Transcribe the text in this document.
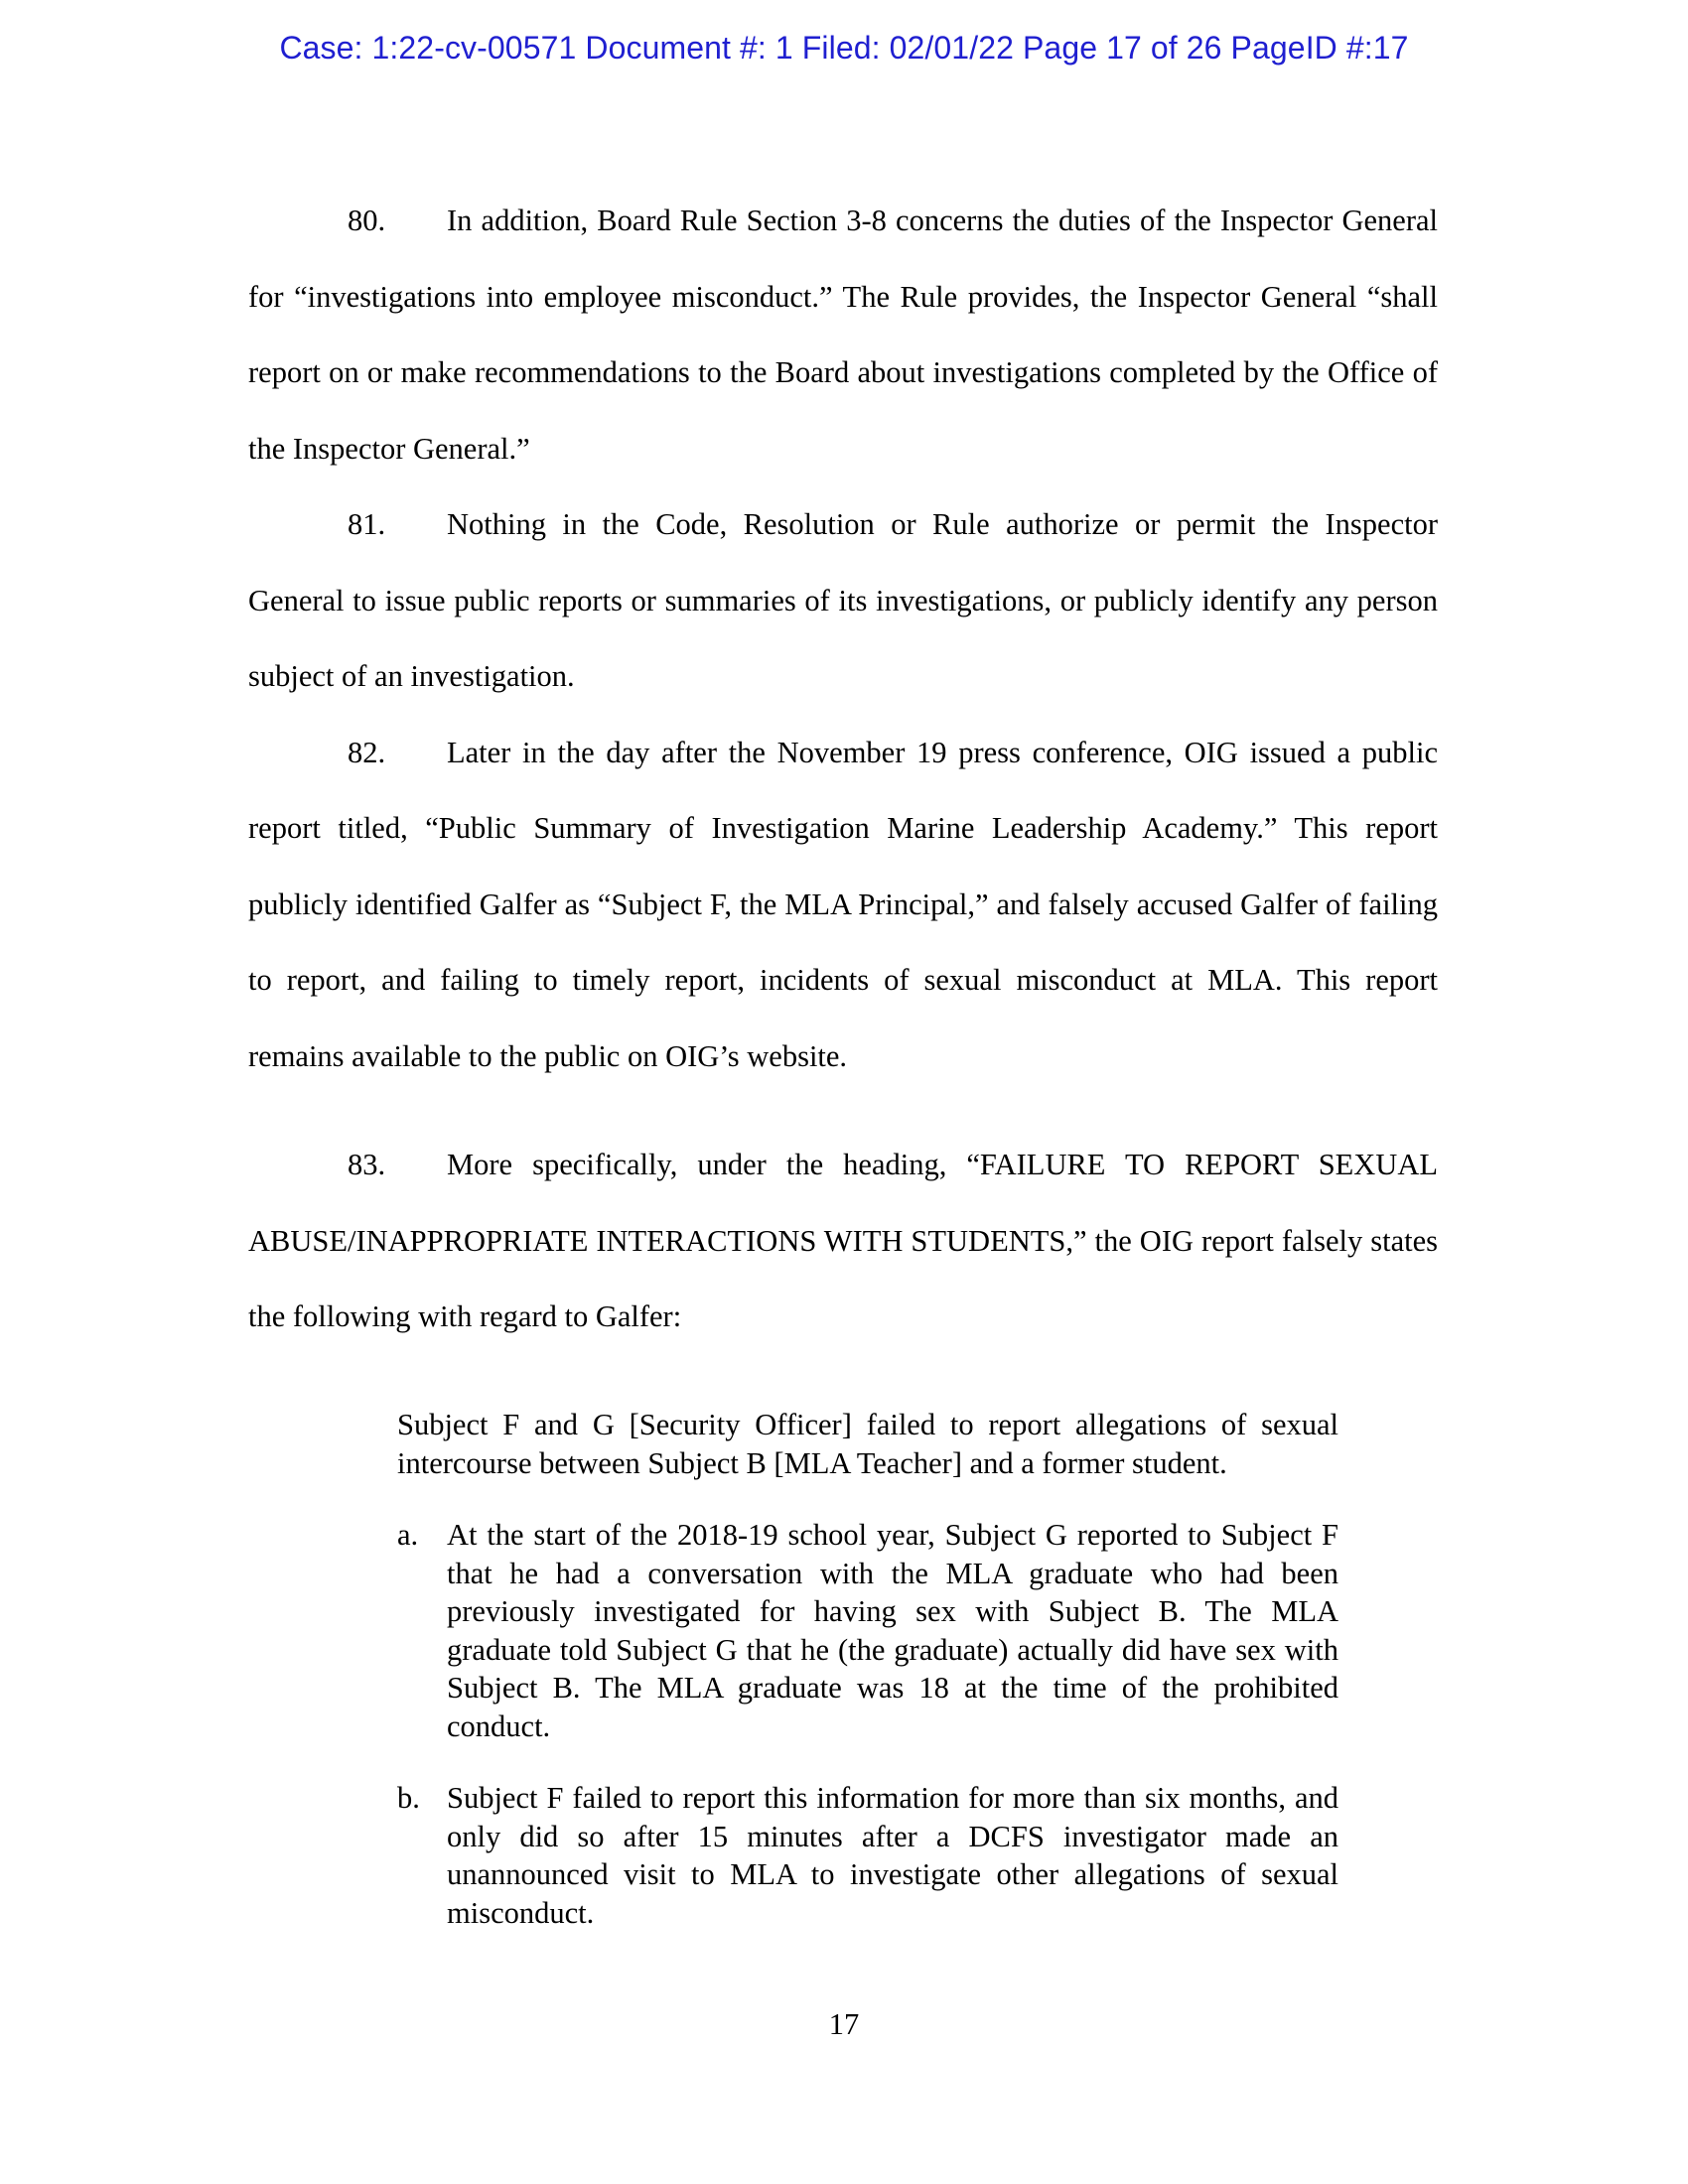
Case: 1:22-cv-00571 Document #: 1 Filed: 02/01/22 Page 17 of 26 PageID #:17

80. In addition, Board Rule Section 3-8 concerns the duties of the Inspector General for “investigations into employee misconduct.” The Rule provides, the Inspector General “shall report on or make recommendations to the Board about investigations completed by the Office of the Inspector General.”

81. Nothing in the Code, Resolution or Rule authorize or permit the Inspector General to issue public reports or summaries of its investigations, or publicly identify any person subject of an investigation.

82. Later in the day after the November 19 press conference, OIG issued a public report titled, “Public Summary of Investigation Marine Leadership Academy.” This report publicly identified Galfer as “Subject F, the MLA Principal,” and falsely accused Galfer of failing to report, and failing to timely report, incidents of sexual misconduct at MLA. This report remains available to the public on OIG’s website.

83. More specifically, under the heading, “FAILURE TO REPORT SEXUAL ABUSE/INAPPROPRIATE INTERACTIONS WITH STUDENTS,” the OIG report falsely states the following with regard to Galfer:

Subject F and G [Security Officer] failed to report allegations of sexual intercourse between Subject B [MLA Teacher] and a former student.

a. At the start of the 2018-19 school year, Subject G reported to Subject F that he had a conversation with the MLA graduate who had been previously investigated for having sex with Subject B. The MLA graduate told Subject G that he (the graduate) actually did have sex with Subject B. The MLA graduate was 18 at the time of the prohibited conduct.
b. Subject F failed to report this information for more than six months, and only did so after 15 minutes after a DCFS investigator made an unannounced visit to MLA to investigate other allegations of sexual misconduct.
17
